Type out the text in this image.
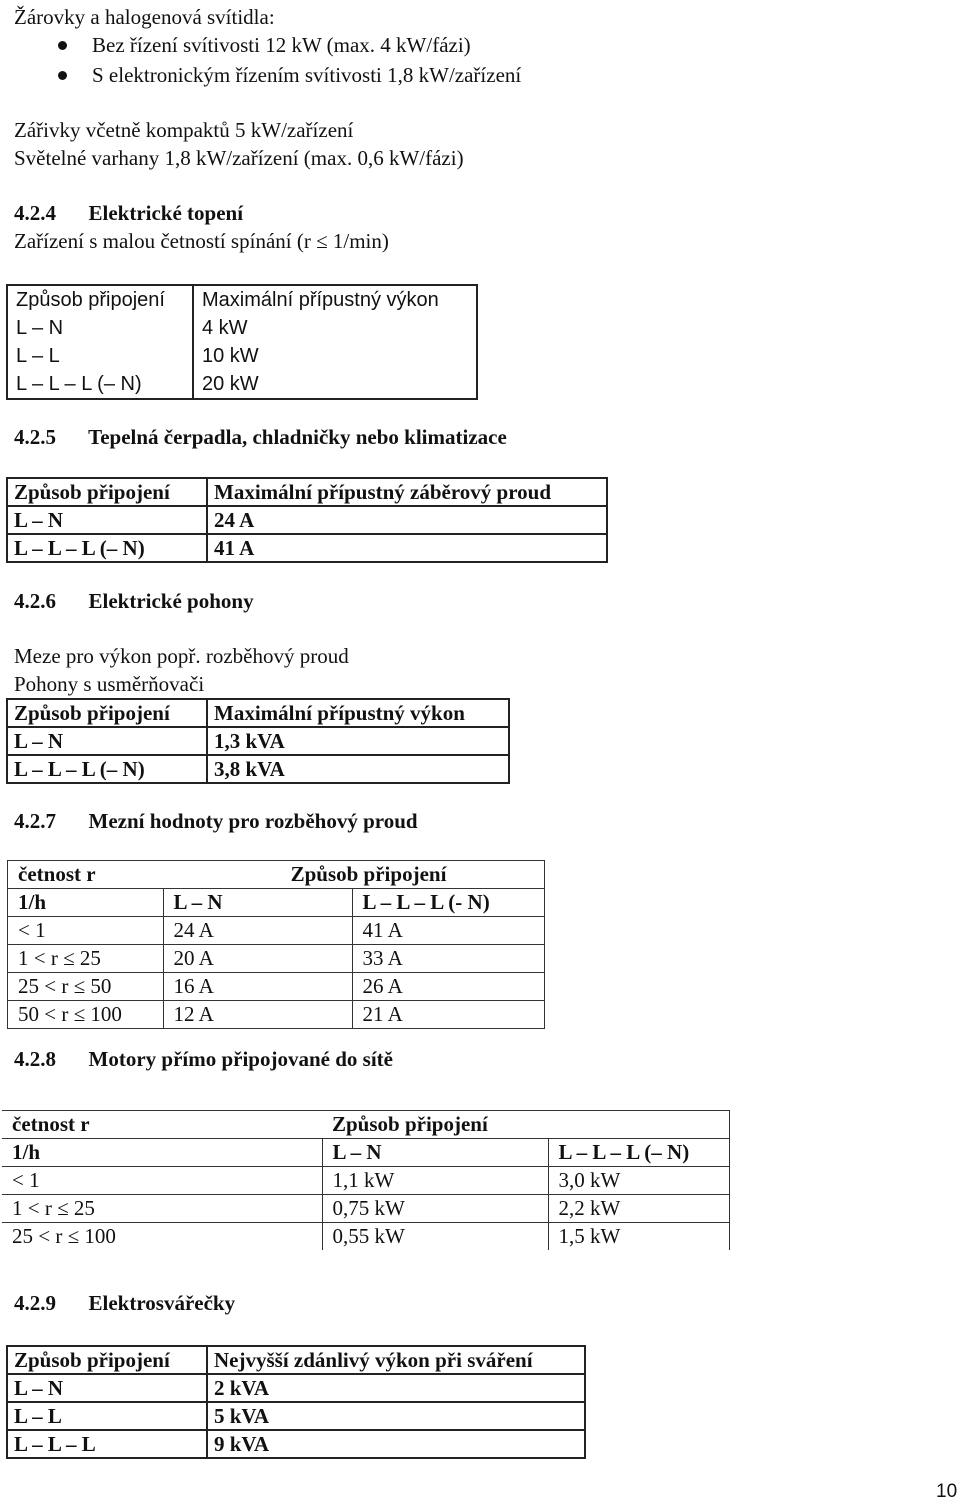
Žárovky a halogenová svítidla:
Bez řízení svítivosti 12 kW (max. 4 kW/fázi)
S elektronickým řízením svítivosti 1,8 kW/zařízení
Zářivky včetně kompaktů 5 kW/zařízení
Světelné varhany 1,8 kW/zařízení (max. 0,6 kW/fázi)
4.2.4 Elektrické topení
Zařízení s malou četností spínání (r ≤ 1/min)
Způsob připojení	Maximální přípustný výkon
L – N	4 kW
L – L	10 kW
L – L – L (– N)	20 kW
4.2.5 Tepelná čerpadla, chladničky nebo klimatizace
Způsob připojení	Maximální přípustný záběrový proud
L – N	24 A
L – L – L (– N)	41 A
4.2.6 Elektrické pohony
Meze pro výkon popř. rozběhový proud
Pohony s usměrňovači
Způsob připojení	Maximální přípustný výkon
L – N	1,3 kVA
L – L – L (– N)	3,8 kVA
4.2.7 Mezní hodnoty pro rozběhový proud
četnost r	Způsob připojení	
1/h	L – N	L – L – L (- N)
< 1	24 A	41 A
1 < r ≤ 25	20 A	33 A
25 < r ≤ 50	16 A	26 A
50 < r ≤ 100	12 A	21 A
4.2.8 Motory přímo připojované do sítě
četnost r	Způsob připojení	
1/h	L – N	L – L – L (– N)
< 1	1,1 kW	3,0 kW
1 < r ≤ 25	0,75 kW	2,2 kW
25 < r ≤ 100	0,55 kW	1,5 kW
4.2.9 Elektrosvářečky
Způsob připojení	Nejvyšší zdánlivý výkon při sváření
L – N	2 kVA
L – L	5 kVA
L – L – L	9 kVA
10
